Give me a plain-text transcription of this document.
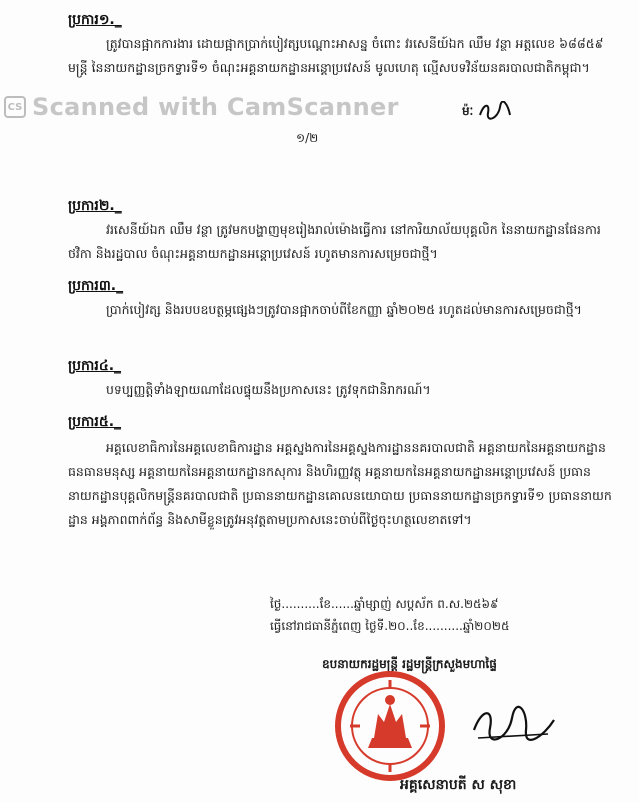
ប្រការ១._

ត្រូវបានផ្អាកការងារ ដោយផ្អាកប្រាក់បៀវត្សបណ្ដោះអាសន្ន ចំពោះ វរសេនីយ៍ឯក ឈឹម វន្ថា អត្តលេខ ៦៨៨៥៩ មន្ត្រី នៃនាយកដ្ឋានច្រកទ្វារទី១ ចំណុះអគ្គនាយកដ្ឋានអន្តោប្រវេសន៍ មូលហេតុ ល្មើសបទវិន័យនគរបាលជាតិកម្ពុជា។

CS Scanned with CamScanner	ម៉ៈ
១/២
ប្រការ២._

វរសេនីយ៍ឯក ឈឹម វន្ថា ត្រូវមកបង្ហាញមុខរៀងរាល់ម៉ោងធ្វើការ នៅការិយាល័យបុគ្គលិក នៃនាយកដ្ឋានផែនការ ថវិកា និងរដ្ឋបាល ចំណុះអគ្គនាយកដ្ឋានអន្តោប្រវេសន៍ រហូតមានការសម្រេចជាថ្មី។

ប្រការ៣._

ប្រាក់បៀវត្ស និងរបបឧបត្ថម្ភផ្សេងៗត្រូវបានផ្អាកចាប់ពីខែកញ្ញា ឆ្នាំ២០២៥ រហូតដល់មានការសម្រេចជាថ្មី។

ប្រការ៤._

បទប្បញ្ញត្តិទាំងឡាយណាដែលផ្ទុយនឹងប្រកាសនេះ ត្រូវទុកជានិរាករណ៍។

ប្រការ៥._

អគ្គលេខាធិការនៃអគ្គលេខាធិការដ្ឋាន អគ្គស្នងការនៃអគ្គស្នងការដ្ឋាននគរបាលជាតិ អគ្គនាយកនៃអគ្គនាយកដ្ឋានធនធានមនុស្ស អគ្គនាយកនៃអគ្គនាយកដ្ឋានកសុការ និងហិរញ្ញវត្ថុ អគ្គនាយកនៃអគ្គនាយកដ្ឋានអន្តោប្រវេសន៍ ប្រធាននាយកដ្ឋានបុគ្គលិកមន្ត្រីនគរបាលជាតិ ប្រធាននាយកដ្ឋានគោលនយោបាយ ប្រធាននាយកដ្ឋានច្រកទ្វារទី១ ប្រធាននាយកដ្ឋាន អង្គភាពពាក់ព័ន្ធ និងសាមីខ្លួនត្រូវអនុវត្តតាមប្រកាសនេះចាប់ពីថ្ងៃចុះហត្ថលេខាតទៅ។

ថ្ងៃ..........ខែ......ឆ្នាំម្សាញ់ សប្តស័ក ព.ស.២៥៦៩
ធ្វើនៅរាជធានីភ្នំពេញ ថ្ងៃទី.២០..ខែ..........ឆ្នាំ២០២៥
ឧបនាយករដ្ឋមន្ត្រី រដ្ឋមន្ត្រីក្រសួងមហាផ្ទៃ
អគ្គសេនាបតី ស សុខា
